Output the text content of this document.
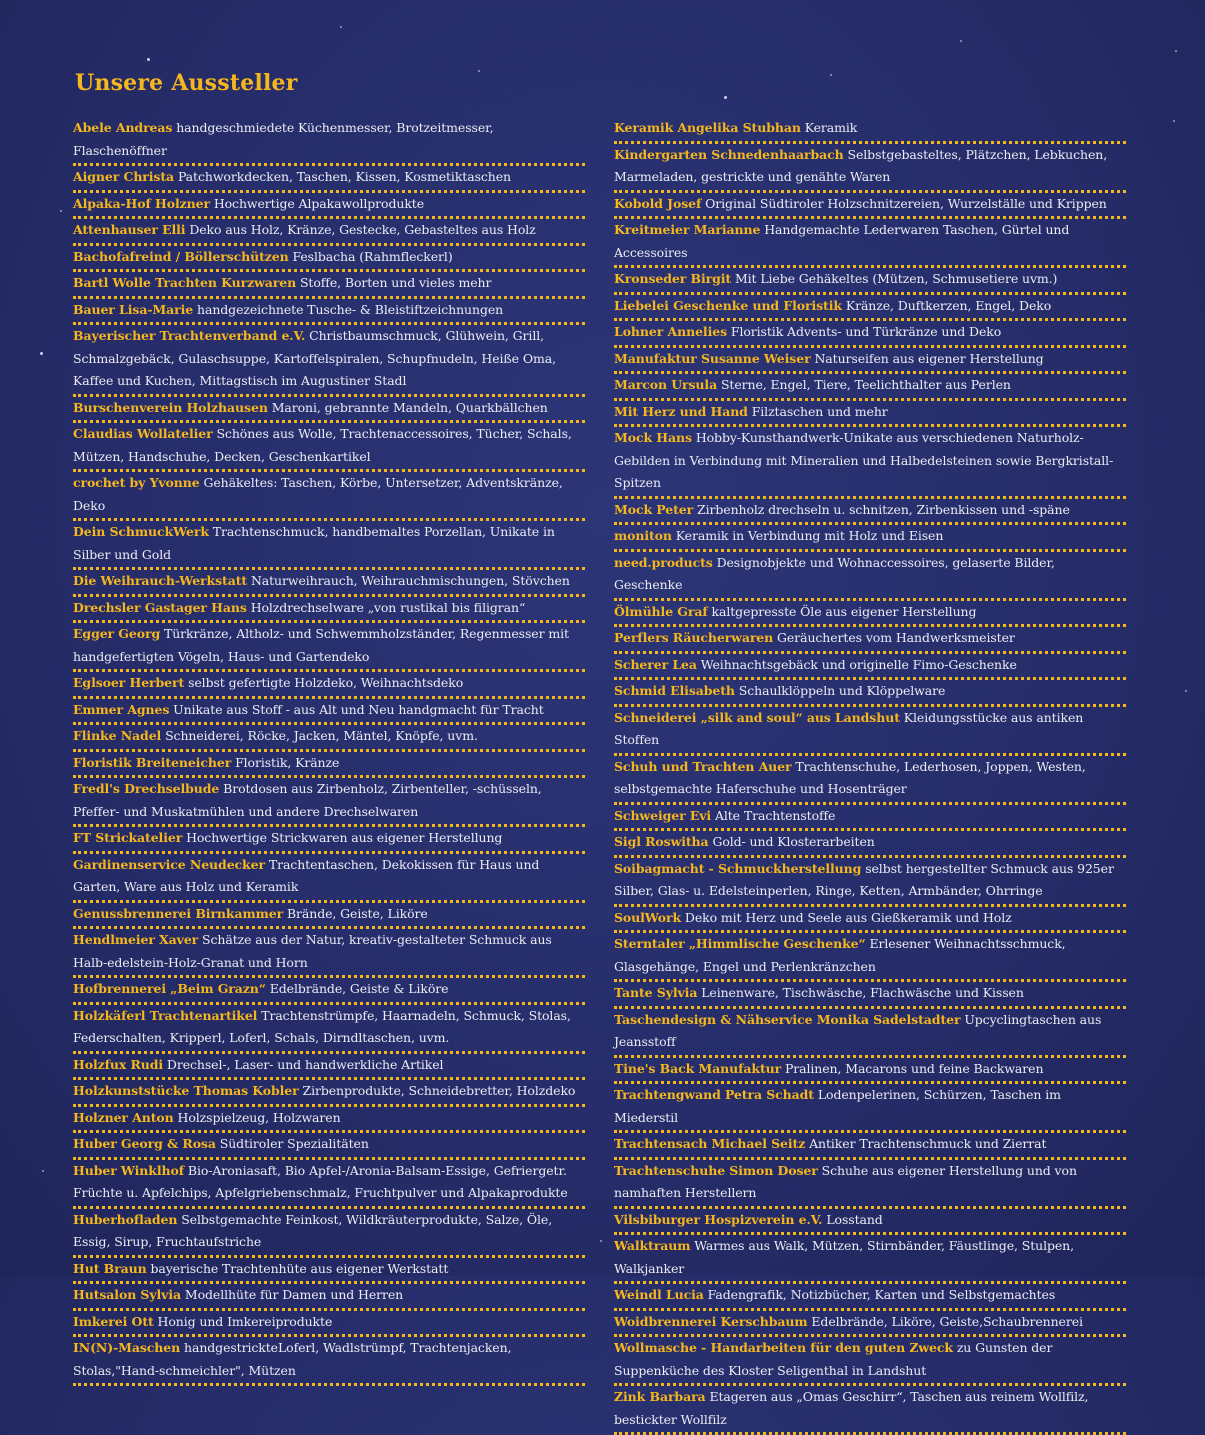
Unsere Aussteller
Abele Andreas handgeschmiedete Küchenmesser, Brotzeitmesser, Flaschenöffner
Aigner Christa Patchworkdecken, Taschen, Kissen, Kosmetiktaschen
Alpaka-Hof Holzner Hochwertige Alpakawollprodukte
Attenhauser Elli Deko aus Holz, Kränze, Gestecke, Gebasteltes aus Holz
Bachofafreind / Böllerschützen Feslbacha (Rahmfleckerl)
Bartl Wolle Trachten Kurzwaren Stoffe, Borten und vieles mehr
Bauer Lisa-Marie handgezeichnete Tusche- & Bleistiftzeichnungen
Bayerischer Trachtenverband e.V. Christbaumschmuck, Glühwein, Grill, Schmalzgebäck, Gulaschsuppe, Kartoffelspiralen, Schupfnudeln, Heiße Oma, Kaffee und Kuchen, Mittagstisch im Augustiner Stadl
Burschenverein Holzhausen Maroni, gebrannte Mandeln, Quarkbällchen
Claudias Wollatelier Schönes aus Wolle, Trachtenaccessoires, Tücher, Schals, Mützen, Handschuhe, Decken, Geschenkartikel
crochet by Yvonne Gehäkeltes: Taschen, Körbe, Untersetzer, Adventskränze, Deko
Dein SchmuckWerk Trachtenschmuck, handbemaltes Porzellan, Unikate in Silber und Gold
Die Weihrauch-Werkstatt Naturweihrauch, Weihrauchmischungen, Stövchen
Drechsler Gastager Hans Holzdrechselware „von rustikal bis filigran“
Egger Georg Türkränze, Altholz- und Schwemmholzständer, Regenmesser mit handgefertigten Vögeln, Haus- und Gartendeko
Eglsoer Herbert selbst gefertigte Holzdeko, Weihnachtsdeko
Emmer Agnes Unikate aus Stoff - aus Alt und Neu handgmacht für Tracht
Flinke Nadel Schneiderei, Röcke, Jacken, Mäntel, Knöpfe, uvm.
Floristik Breiteneicher Floristik, Kränze
Fredl's Drechselbude Brotdosen aus Zirbenholz, Zirbenteller, -schüsseln, Pfeffer- und Muskatmühlen und andere Drechselwaren
FT Strickatelier Hochwertige Strickwaren aus eigener Herstellung
Gardinenservice Neudecker Trachtentaschen, Dekokissen für Haus und Garten, Ware aus Holz und Keramik
Genussbrennerei Birnkammer Brände, Geiste, Liköre
Hendlmeier Xaver Schätze aus der Natur, kreativ-gestalteter Schmuck aus Halb-edelstein-Holz-Granat und Horn
Hofbrennerei „Beim Grazn“ Edelbrände, Geiste & Liköre
Holzkäferl Trachtenartikel Trachtenstrümpfe, Haarnadeln, Schmuck, Stolas, Federschalten, Kripperl, Loferl, Schals, Dirndltaschen, uvm.
Holzfux Rudi Drechsel-, Laser- und handwerkliche Artikel
Holzkunststücke Thomas Kobler Zirbenprodukte, Schneidebretter, Holzdeko
Holzner Anton Holzspielzeug, Holzwaren
Huber Georg & Rosa Südtiroler Spezialitäten
Huber Winklhof Bio-Aroniasaft, Bio Apfel-/Aronia-Balsam-Essige, Gefriergetr. Früchte u. Apfelchips, Apfelgriebenschmalz, Fruchtpulver und Alpakaprodukte
Huberhofladen Selbstgemachte Feinkost, Wildkräuterprodukte, Salze, Öle, Essig, Sirup, Fruchtaufstriche
Hut Braun bayerische Trachtenhüte aus eigener Werkstatt
Hutsalon Sylvia Modellhüte für Damen und Herren
Imkerei Ott Honig und Imkereiprodukte
IN(N)-Maschen handgestrickteLoferl, Wadlstrümpf, Trachtenjacken, Stolas,"Hand-schmeichler", Mützen
Keramik Angelika Stubhan Keramik
Kindergarten Schnedenhaarbach Selbstgebasteltes, Plätzchen, Lebkuchen, Marmeladen, gestrickte und genähte Waren
Kobold Josef Original Südtiroler Holzschnitzereien, Wurzelställe und Krippen
Kreitmeier Marianne Handgemachte Lederwaren Taschen, Gürtel und Accessoires
Kronseder Birgit Mit Liebe Gehäkeltes (Mützen, Schmusetiere uvm.)
Liebelei Geschenke und Floristik Kränze, Duftkerzen, Engel, Deko
Lohner Annelies Floristik Advents- und Türkränze und Deko
Manufaktur Susanne Weiser Naturseifen aus eigener Herstellung
Marcon Ursula Sterne, Engel, Tiere, Teelichthalter aus Perlen
Mit Herz und Hand Filztaschen und mehr
Mock Hans Hobby-Kunsthandwerk-Unikate aus verschiedenen Naturholz-Gebilden in Verbindung mit Mineralien und Halbedelsteinen sowie Bergkristall-Spitzen
Mock Peter Zirbenholz drechseln u. schnitzen, Zirbenkissen und -späne
moniton Keramik in Verbindung mit Holz und Eisen
need.products Designobjekte und Wohnaccessoires, gelaserte Bilder, Geschenke
Ölmühle Graf kaltgepresste Öle aus eigener Herstellung
Perflers Räucherwaren Geräuchertes vom Handwerksmeister
Scherer Lea Weihnachtsgebäck und originelle Fimo-Geschenke
Schmid Elisabeth Schaulklöppeln und Klöppelware
Schneiderei „silk and soul“ aus Landshut Kleidungsstücke aus antiken Stoffen
Schuh und Trachten Auer Trachtenschuhe, Lederhosen, Joppen, Westen, selbstgemachte Haferschuhe und Hosenträger
Schweiger Evi Alte Trachtenstoffe
Sigl Roswitha Gold- und Klosterarbeiten
Soibagmacht - Schmuckherstellung selbst hergestellter Schmuck aus 925er Silber, Glas- u. Edelsteinperlen, Ringe, Ketten, Armbänder, Ohrringe
SoulWork Deko mit Herz und Seele aus Gießkeramik und Holz
Sterntaler „Himmlische Geschenke“ Erlesener Weihnachtsschmuck, Glasgehänge, Engel und Perlenkränzchen
Tante Sylvia Leinenware, Tischwäsche, Flachwäsche und Kissen
Taschendesign & Nähservice Monika Sadelstadter Upcyclingtaschen aus Jeansstoff
Tine's Back Manufaktur Pralinen, Macarons und feine Backwaren
Trachtengwand Petra Schadt Lodenpelerinen, Schürzen, Taschen im Miederstil
Trachtensach Michael Seitz Antiker Trachtenschmuck und Zierrat
Trachtenschuhe Simon Doser Schuhe aus eigener Herstellung und von namhaften Herstellern
Vilsbiburger Hospizverein e.V. Losstand
Walktraum Warmes aus Walk, Mützen, Stirnbänder, Fäustlinge, Stulpen, Walkjanker
Weindl Lucia Fadengrafik, Notizbücher, Karten und Selbstgemachtes
Woidbrennerei Kerschbaum Edelbrände, Liköre, Geiste,Schaubrennerei
Wollmasche - Handarbeiten für den guten Zweck zu Gunsten der Suppenküche des Kloster Seligenthal in Landshut
Zink Barbara Etageren aus „Omas Geschirr“, Taschen aus reinem Wollfilz, bestickter Wollfilz
